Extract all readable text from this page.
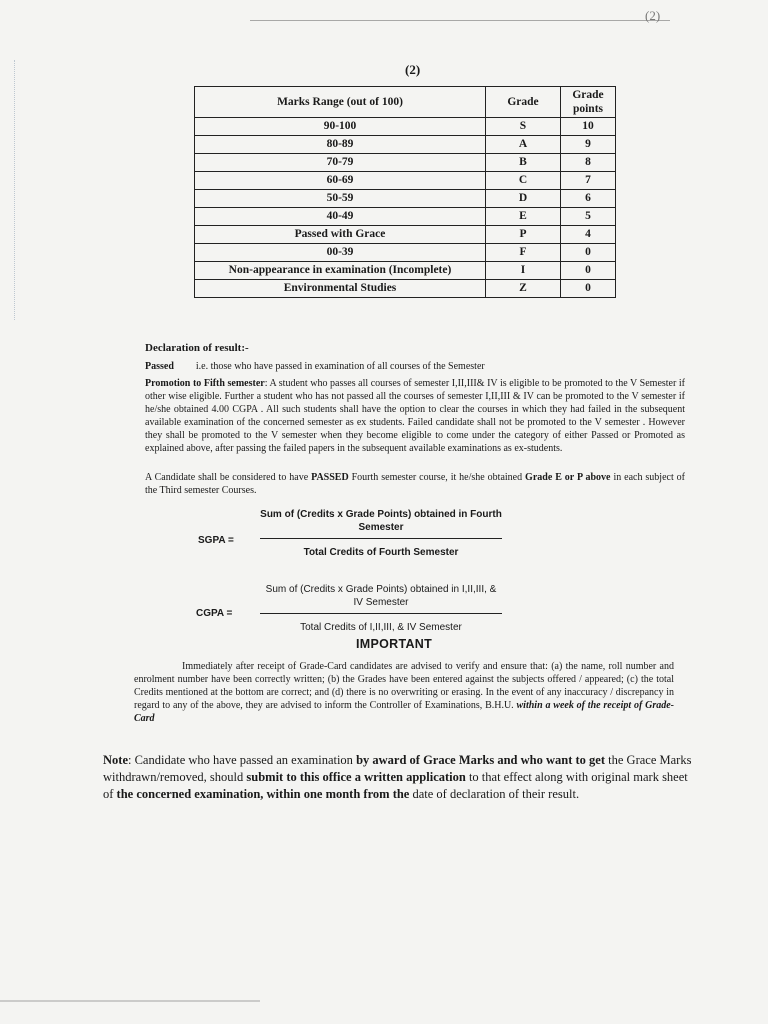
(2)
(2)
Marks Range (out of 100)	Grade	Grade points
90-100	S	10
80-89	A	9
70-79	B	8
60-69	C	7
50-59	D	6
40-49	E	5
Passed with Grace	P	4
00-39	F	0
Non-appearance in examination (Incomplete)	I	0
Environmental Studies	Z	0
Declaration of result:-
Passed i.e. those who have passed in examination of all courses of the Semester
Promotion to Fifth semester: A student who passes all courses of semester I,II,III& IV is eligible to be promoted to the V Semester if other wise eligible. Further a student who has not passed all the courses of semester I,II,III & IV can be promoted to the V semester if he/she obtained 4.00 CGPA . All such students shall have the option to clear the courses in which they had failed in the subsequent available examination of the concerned semester as ex students. Failed candidate shall not be promoted to the V semester . However they shall be promoted to the V semester when they become eligible to come under the category of either Passed or Promoted as explained above, after passing the failed papers in the subsequent available examinations as ex-students.
A Candidate shall be considered to have PASSED Fourth semester course, it he/she obtained Grade E or P above in each subject of the Third semester Courses.
SGPA =
Sum of (Credits x Grade Points) obtained in Fourth Semester
Total Credits of Fourth Semester
CGPA =
Sum of (Credits x Grade Points) obtained in I,II,III, & IV Semester
Total Credits of I,II,III, & IV Semester
IMPORTANT
Immediately after receipt of Grade-Card candidates are advised to verify and ensure that: (a) the name, roll number and enrolment number have been correctly written; (b) the Grades have been entered against the subjects offered / appeared; (c) the total Credits mentioned at the bottom are correct; and (d) there is no overwriting or erasing. In the event of any inaccuracy / discrepancy in regard to any of the above, they are advised to inform the Controller of Examinations, B.H.U. within a week of the receipt of Grade-Card
Note: Candidate who have passed an examination by award of Grace Marks and who want to get the Grace Marks withdrawn/removed, should submit to this office a written application to that effect along with original mark sheet of the concerned examination, within one month from the date of declaration of their result.
